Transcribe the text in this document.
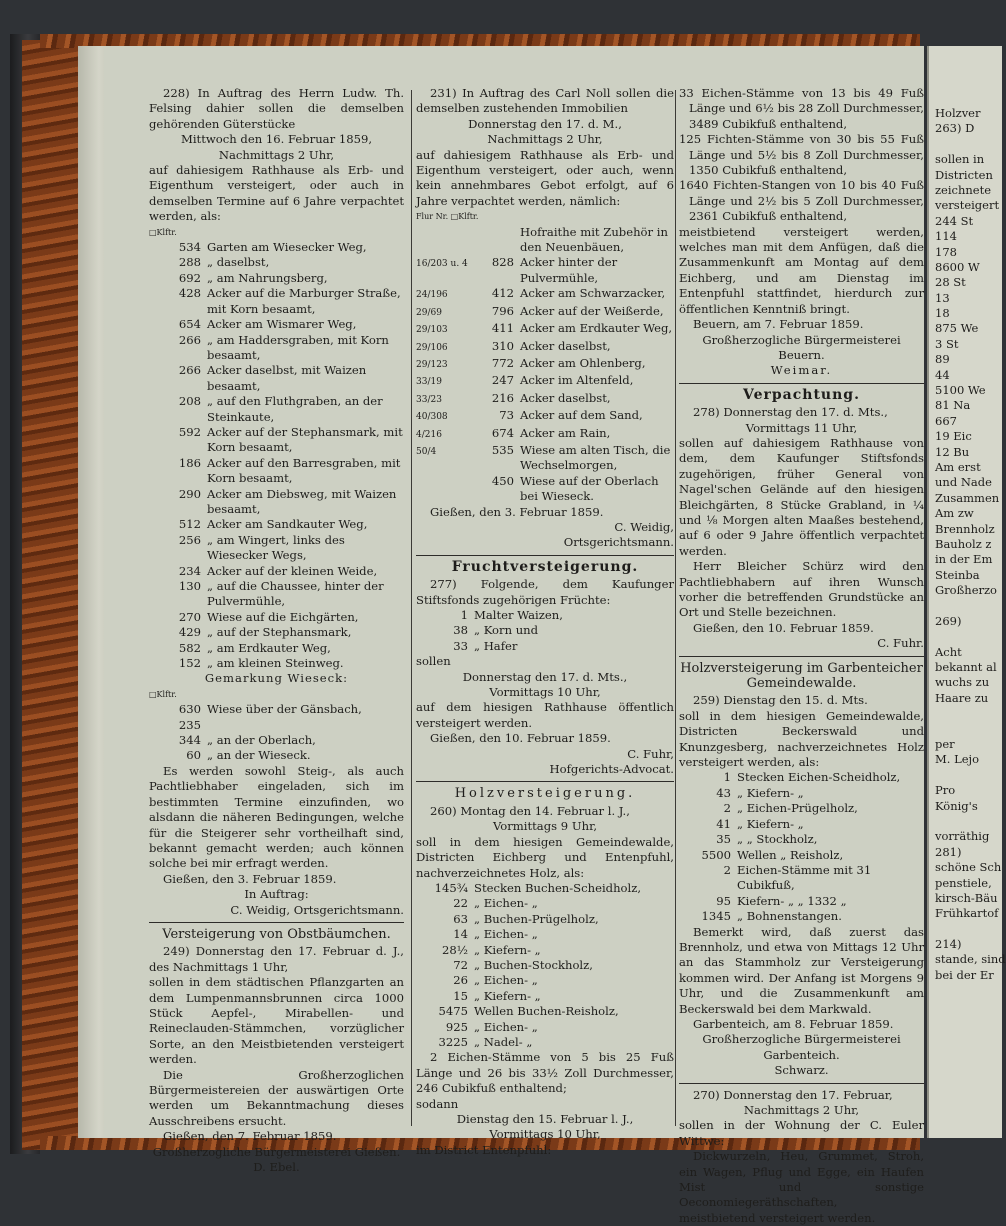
228) In Auftrag des Herrn Ludw. Th. Felsing dahier sollen die demselben gehörenden Güterstücke

Mittwoch den 16. Februar 1859,

Nachmittags 2 Uhr,

auf dahiesigem Rathhause als Erb- und Eigenthum versteigert, oder auch in demselben Termine auf 6 Jahre verpachtet werden, als:

□Klftr.
534 Garten am Wiesecker Weg,
288 „ daselbst,
692 „ am Nahrungsberg,
428 Acker auf die Marburger Straße, mit Korn besaamt,
654 Acker am Wismarer Weg,
266 „ am Haddersgraben, mit Korn besaamt,
266 Acker daselbst, mit Waizen besaamt,
208 „ auf den Fluthgraben, an der Steinkaute,
592 Acker auf der Stephansmark, mit Korn besaamt,
186 Acker auf den Barresgraben, mit Korn besaamt,
290 Acker am Diebsweg, mit Waizen besaamt,
512 Acker am Sandkauter Weg,
256 „ am Wingert, links des Wiesecker Wegs,
234 Acker auf der kleinen Weide,
130 „ auf die Chaussee, hinter der Pulvermühle,
270 Wiese auf die Eichgärten,
429 „ auf der Stephansmark,
582 „ am Erdkauter Weg,
152 „ am kleinen Steinweg.

Gemarkung Wieseck:

□Klftr.
630 Wiese über der Gänsbach,
235
344 „ an der Oberlach,
60 „ an der Wieseck.

Es werden sowohl Steig-, als auch Pachtliebhaber eingeladen, sich im bestimmten Termine einzufinden, wo alsdann die näheren Bedingungen, welche für die Steigerer sehr vortheilhaft sind, bekannt gemacht werden; auch können solche bei mir erfragt werden.

Gießen, den 3. Februar 1859.

In Auftrag:

C. Weidig, Ortsgerichtsmann.

Versteigerung von Obstbäumchen.

249) Donnerstag den 17. Februar d. J., des Nachmittags 1 Uhr,

sollen in dem städtischen Pflanzgarten an dem Lumpenmannsbrunnen circa 1000 Stück Aepfel-, Mirabellen- und Reineclauden-Stämmchen, vorzüglicher Sorte, an den Meistbietenden versteigert werden.

Die Großherzoglichen Bürgermeistereien der auswärtigen Orte werden um Bekanntmachung dieses Ausschreibens ersucht.

Gießen, den 7. Februar 1859.

Großherzogliche Bürgermeisterei Gießen.

D. Ebel.

231) In Auftrag des Carl Noll sollen die demselben zustehenden Immobilien

Donnerstag den 17. d. M.,

Nachmittags 2 Uhr,

auf dahiesigem Rathhause als Erb- und Eigenthum versteigert, oder auch, wenn kein annehmbares Gebot erfolgt, auf 6 Jahre verpachtet werden, nämlich:

Flur Nr. □Klftr.
Hofraithe mit Zubehör in den Neuenbäuen,
16/203 u. 4	828 Acker hinter der Pulvermühle,
24/196	412 Acker am Schwarzacker,
29/69	796 Acker auf der Weißerde,
29/103	411 Acker am Erdkauter Weg,
29/106	310 Acker daselbst,
29/123	772 Acker am Ohlenberg,
33/19	247 Acker im Altenfeld,
33/23	216 Acker daselbst,
40/308	73 Acker auf dem Sand,
4/216	674 Acker am Rain,
50/4	535 Wiese am alten Tisch, die Wechselmorgen,
450 Wiese auf der Oberlach bei Wieseck.

Gießen, den 3. Februar 1859.

C. Weidig,

Ortsgerichtsmann.

Fruchtversteigerung.

277) Folgende, dem Kaufunger Stiftsfonds zugehörigen Früchte:

1 Malter Waizen,
38 „ Korn und
33 „ Hafer

sollen

Donnerstag den 17. d. Mts.,

Vormittags 10 Uhr,

auf dem hiesigen Rathhause öffentlich versteigert werden.

Gießen, den 10. Februar 1859.

C. Fuhr,

Hofgerichts-Advocat.

Holzversteigerung.

260) Montag den 14. Februar l. J.,

Vormittags 9 Uhr,

soll in dem hiesigen Gemeindewalde, Districten Eichberg und Entenpfuhl, nachverzeichnetes Holz, als:

145¾ Stecken Buchen-Scheidholz,
22 „ Eichen- „
63 „ Buchen-Prügelholz,
14 „ Eichen- „
28½ „ Kiefern- „
72 „ Buchen-Stockholz,
26 „ Eichen- „
15 „ Kiefern- „
5475 Wellen Buchen-Reisholz,
925 „ Eichen- „
3225 „ Nadel- „

2 Eichen-Stämme von 5 bis 25 Fuß Länge und 26 bis 33½ Zoll Durchmesser, 246 Cubikfuß enthaltend;

sodann

Dienstag den 15. Februar l. J.,

Vormittags 10 Uhr,

im District Entenpfuhl:

33 Eichen-Stämme von 13 bis 49 Fuß Länge und 6½ bis 28 Zoll Durchmesser, 3489 Cubikfuß enthaltend,

125 Fichten-Stämme von 30 bis 55 Fuß Länge und 5½ bis 8 Zoll Durchmesser, 1350 Cubikfuß enthaltend,

1640 Fichten-Stangen von 10 bis 40 Fuß Länge und 2½ bis 5 Zoll Durchmesser, 2361 Cubikfuß enthaltend,

meistbietend versteigert werden, welches man mit dem Anfügen, daß die Zusammenkunft am Montag auf dem Eichberg, und am Dienstag im Entenpfuhl stattfindet, hierdurch zur öffentlichen Kenntniß bringt.

Beuern, am 7. Februar 1859.

Großherzogliche Bürgermeisterei Beuern.

Weimar.

Verpachtung.

278) Donnerstag den 17. d. Mts.,

Vormittags 11 Uhr,

sollen auf dahiesigem Rathhause von dem, dem Kaufunger Stiftsfonds zugehörigen, früher General von Nagel'schen Gelände auf den hiesigen Bleichgärten, 8 Stücke Grabland, in ¼ und ⅛ Morgen alten Maaßes bestehend, auf 6 oder 9 Jahre öffentlich verpachtet werden.

Herr Bleicher Schürz wird den Pachtliebhabern auf ihren Wunsch vorher die betreffenden Grundstücke an Ort und Stelle bezeichnen.

Gießen, den 10. Februar 1859.

C. Fuhr.

Holzversteigerung im Garbenteicher Gemeindewalde.

259) Dienstag den 15. d. Mts.

soll in dem hiesigen Gemeindewalde, Districten Beckerswald und Knunzgesberg, nachverzeichnetes Holz versteigert werden, als:

1 Stecken Eichen-Scheidholz,
43 „ Kiefern- „
2 „ Eichen-Prügelholz,
41 „ Kiefern- „
35 „ „ Stockholz,
5500 Wellen „ Reisholz,
2 Eichen-Stämme mit 31 Cubikfuß,
95 Kiefern- „ „ 1332 „
1345 „ Bohnenstangen.

Bemerkt wird, daß zuerst das Brennholz, und etwa von Mittags 12 Uhr an das Stammholz zur Versteigerung kommen wird. Der Anfang ist Morgens 9 Uhr, und die Zusammenkunft am Beckerswald bei dem Markwald.

Garbenteich, am 8. Februar 1859.

Großherzogliche Bürgermeisterei Garbenteich.

Schwarz.

270) Donnerstag den 17. Februar,

Nachmittags 2 Uhr,

sollen in der Wohnung der C. Euler Wittwe:

Dickwurzeln, Heu, Grummet, Stroh, ein Wagen, Pflug und Egge, ein Haufen Mist und sonstige Oeconomiegeräthschaften,

meistbietend versteigert werden.

Holzver
263) D
sollen in
Districten
zeichnete
versteigert
244 St
114
178
8600 W
28 St
13
18
875 We
3 St
89
44
5100 We
81 Na
667
19 Eic
12 Bu
Am erst
und Nade
Zusammen
Am zw
Brennholz
Bauholz z
in der Em
Steinba
Großherzo
269)
Acht
bekannt al
wuchs zu
Haare zu
per
M. Lejo
Pro
König's
vorräthig
281)
schöne Sch
penstiele,
kirsch-Bäu
Frühkartof
214)
stande, sind
bei der Er
